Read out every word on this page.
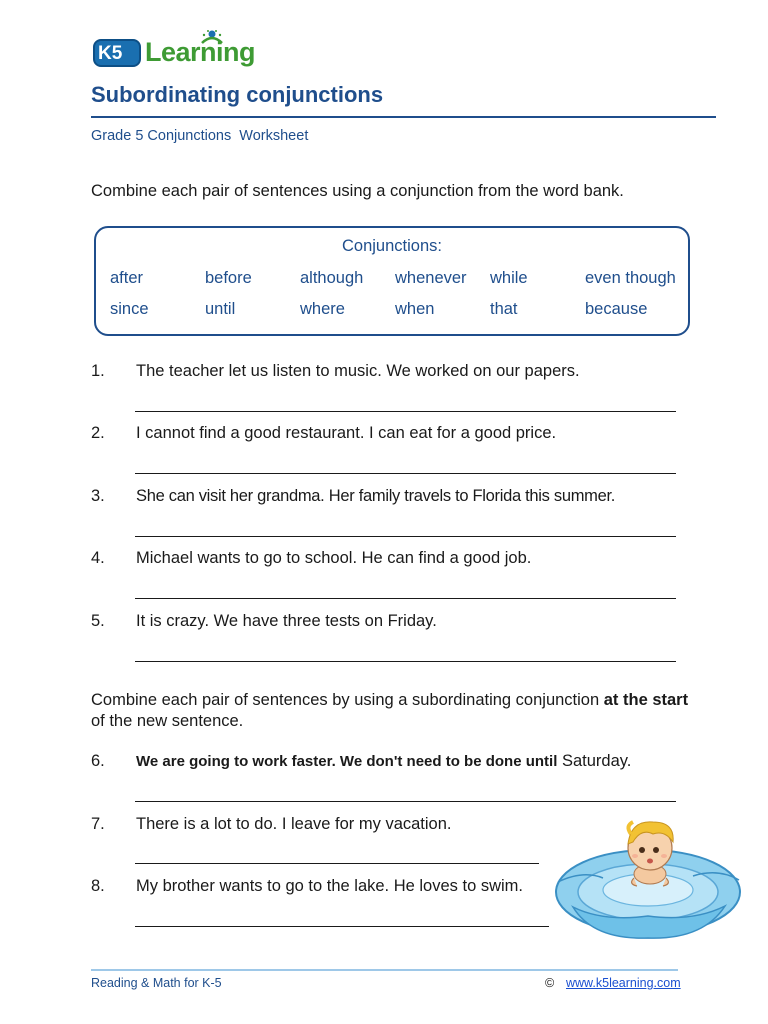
K5 Learning
Subordinating conjunctions
Grade 5 Conjunctions  Worksheet
Combine each pair of sentences using a conjunction from the word bank.
Conjunctions:
after	before	although whenever while	even though
since	until	where	when	that	because
1. The teacher let us listen to music. We worked on our papers.
2. I cannot find a good restaurant. I can eat for a good price.
3. She can visit her grandma. Her family travels to Florida this summer.
4. Michael wants to go to school. He can find a good job.
5. It is crazy. We have three tests on Friday.
Combine each pair of sentences by using a subordinating conjunction at the start of the new sentence.
6. We are going to work faster. We don't need to be done until Saturday.
7. There is a lot to do. I leave for my vacation.
8. My brother wants to go to the lake. He loves to swim.
Reading & Math for K-5	© www.k5learning.com
